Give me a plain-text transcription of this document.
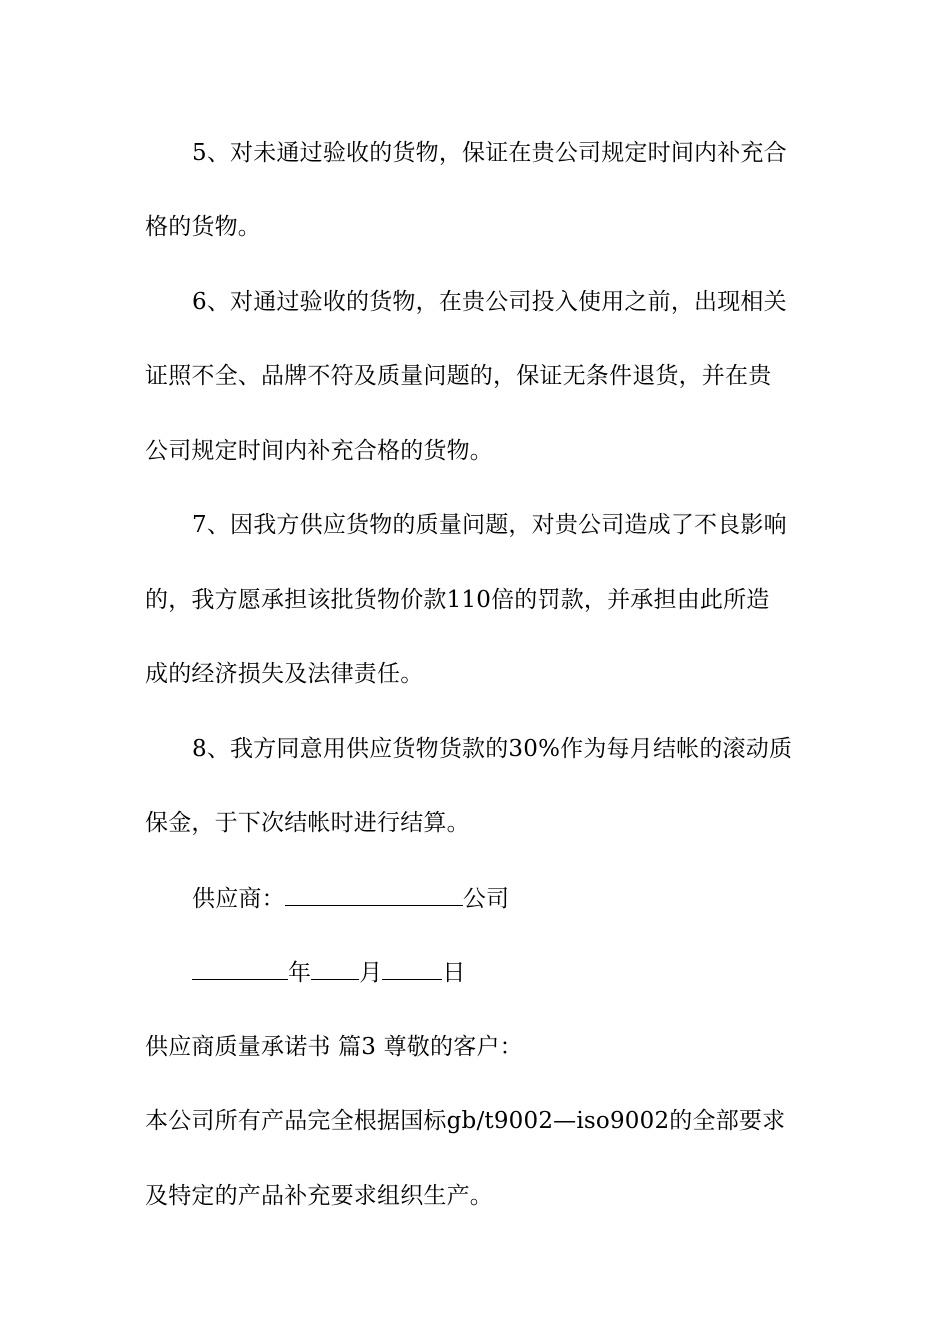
5、对未通过验收的货物，保证在贵公司规定时间内补充合
格的货物。
6、对通过验收的货物，在贵公司投入使用之前，出现相关
证照不全、品牌不符及质量问题的，保证无条件退货，并在贵
公司规定时间内补充合格的货物。
7、因我方供应货物的质量问题，对贵公司造成了不良影响
的，我方愿承担该批货物价款110倍的罚款，并承担由此所造
成的经济损失及法律责任。
8、我方同意用供应货物货款的30%作为每月结帐的滚动质
保金，于下次结帐时进行结算。
供应商：	公司
年 月	日
供应商质量承诺书 篇3 尊敬的客户：
本公司所有产品完全根据国标gb/t9002—iso9002的全部要求
及特定的产品补充要求组织生产。
